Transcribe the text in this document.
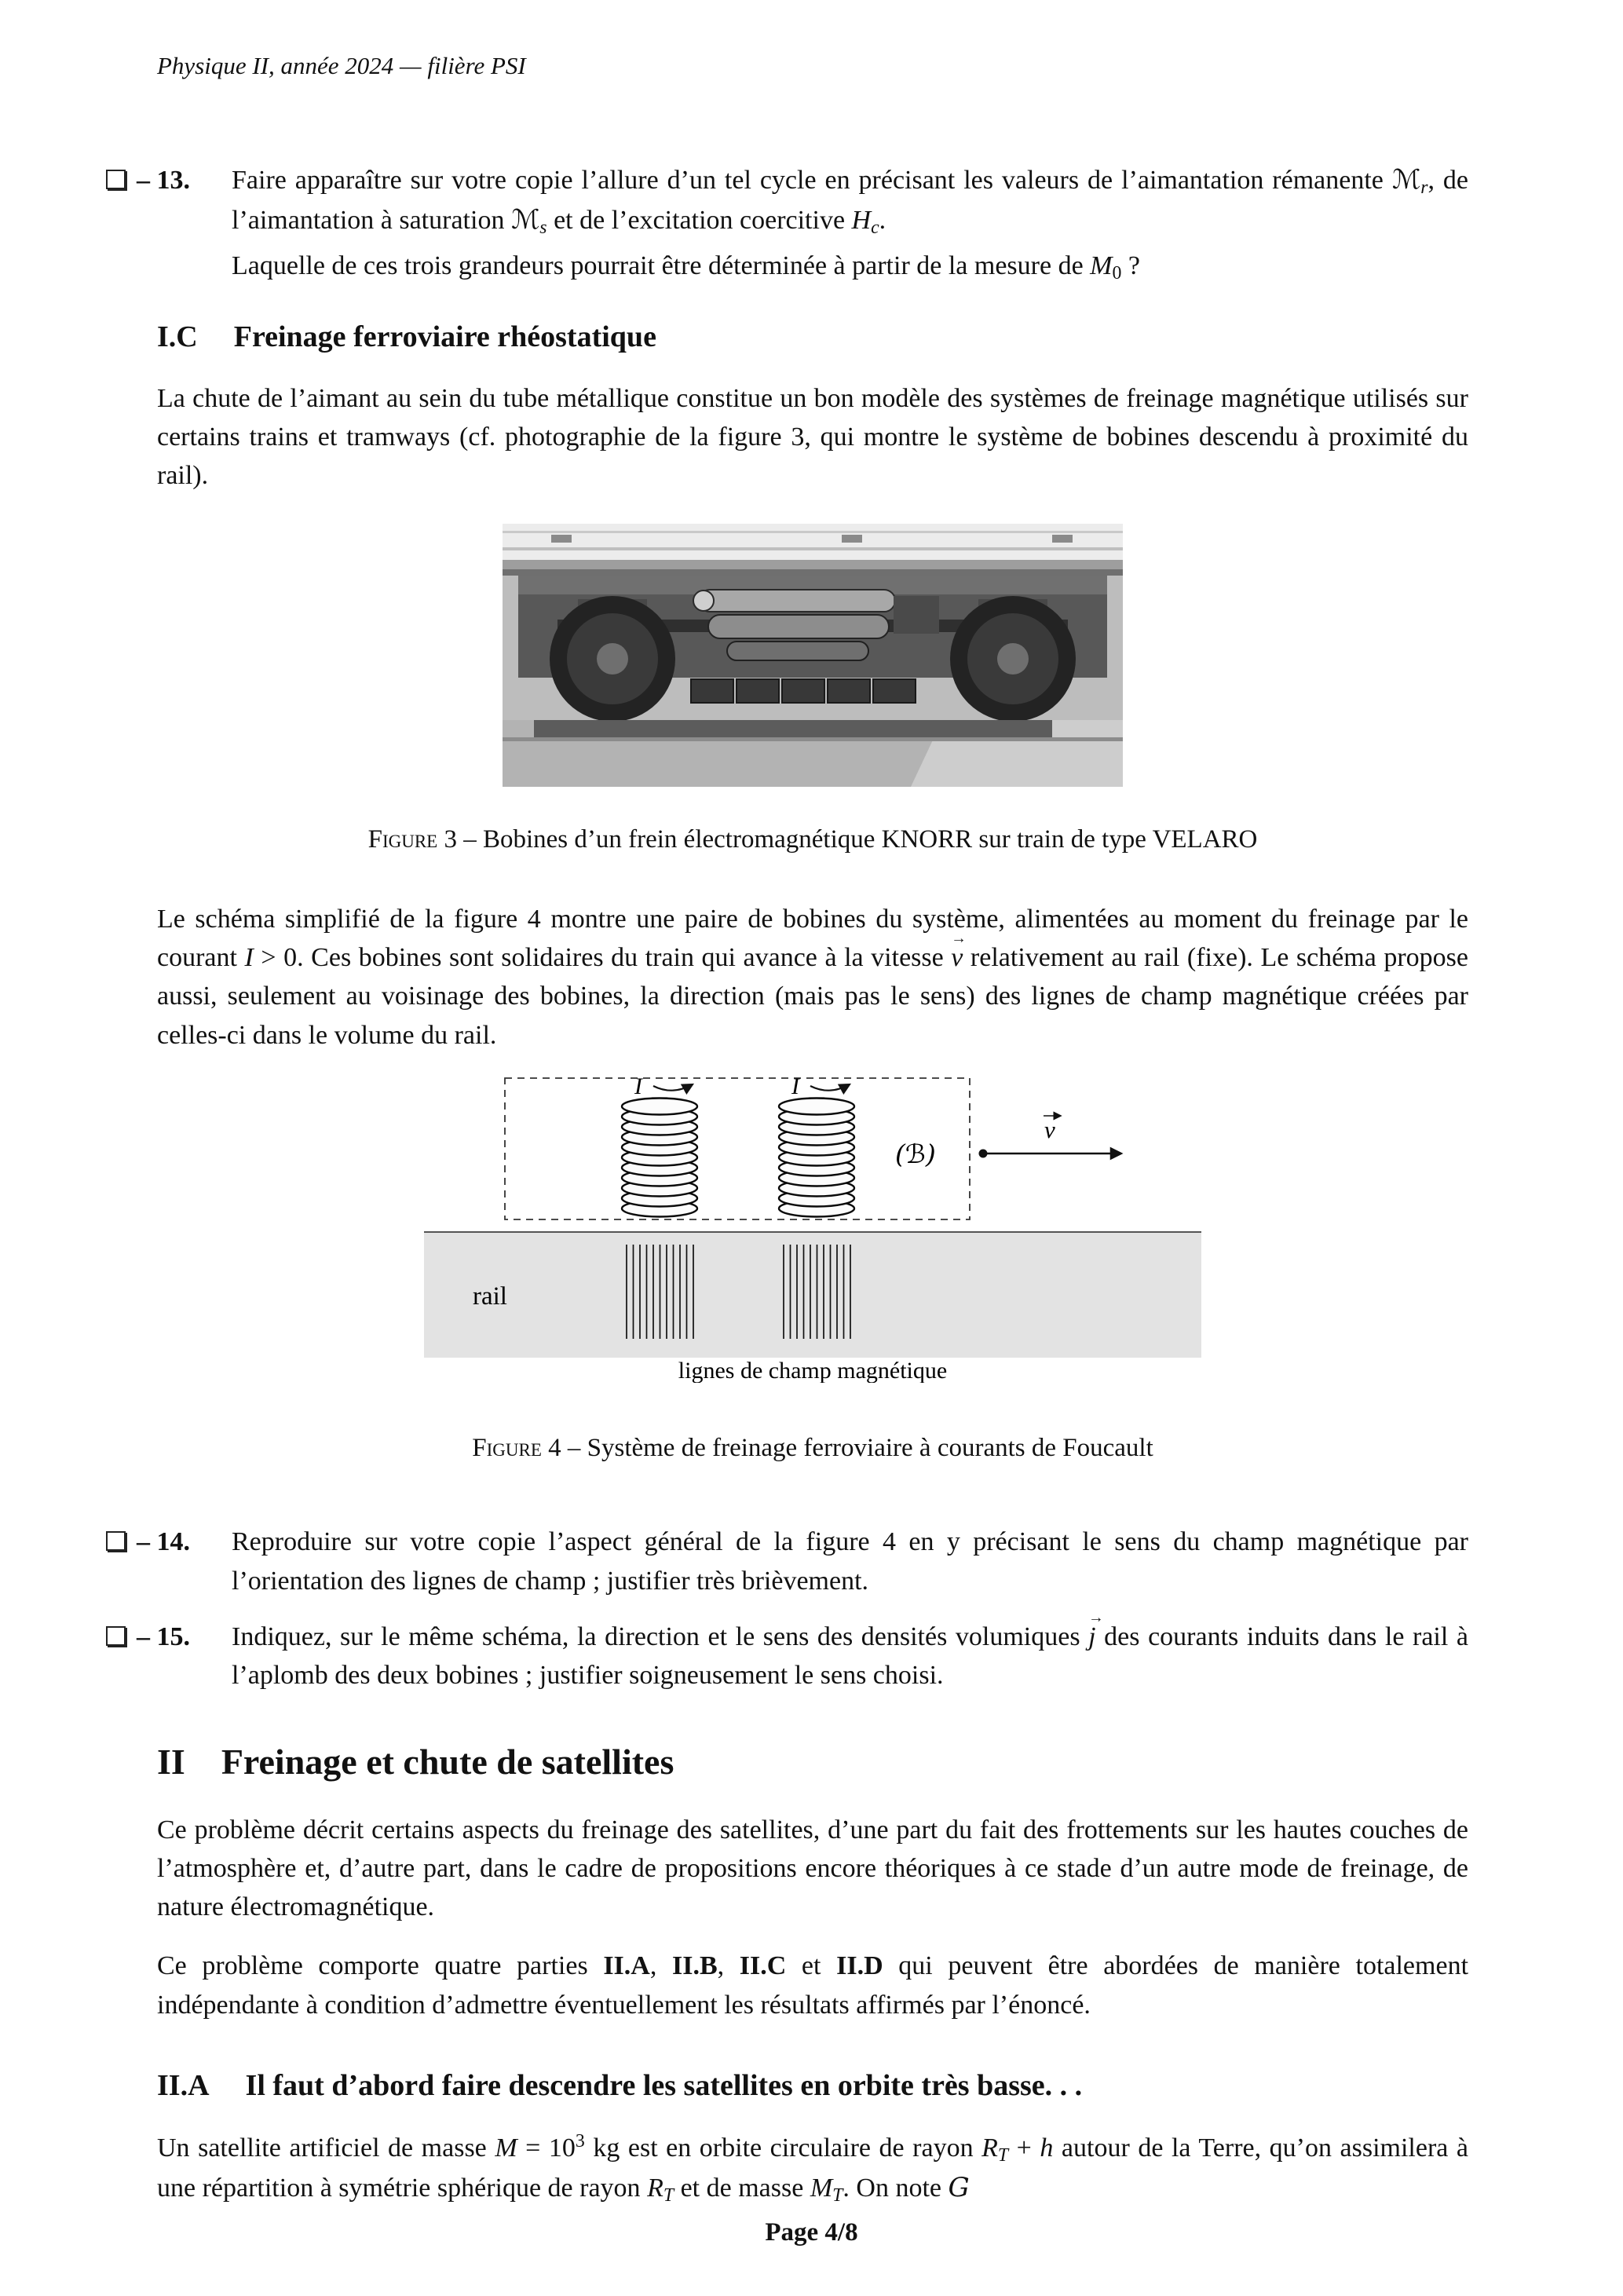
Physique II, année 2024 — filière PSI
– 13.	Faire apparaître sur votre copie l’allure d’un tel cycle en précisant les valeurs de l’aimantation rémanente ℳr, de l’aimantation à saturation ℳs et de l’excitation coercitive Hc.
Laquelle de ces trois grandeurs pourrait être déterminée à partir de la mesure de M0 ?
I.C Freinage ferroviaire rhéostatique

La chute de l’aimant au sein du tube métallique constitue un bon modèle des systèmes de freinage magnétique utilisés sur certains trains et tramways (cf. photographie de la figure 3, qui montre le système de bobines descendu à proximité du rail).

Figure 3 – Bobines d’un frein électromagnétique KNORR sur train de type VELARO

Le schéma simplifié de la figure 4 montre une paire de bobines du système, alimentées au moment du freinage par le courant I > 0. Ces bobines sont solidaires du train qui avance à la vitesse v → relativement au rail (fixe). Le schéma propose aussi, seulement au voisinage des bobines, la direction (mais pas le sens) des lignes de champ magnétique créées par celles-ci dans le volume du rail.

I	I
(ℬ)
v
rail
lignes de champ magnétique

Figure 4 – Système de freinage ferroviaire à courants de Foucault

– 14.	Reproduire sur votre copie l’aspect général de la figure 4 en y précisant le sens du champ magnétique par l’orientation des lignes de champ ; justifier très brièvement.
– 15.	Indiquez, sur le même schéma, la direction et le sens des densités volumiques j → des courants induits dans le rail à l’aplomb des deux bobines ; justifier soigneusement le sens choisi.
II Freinage et chute de satellites

Ce problème décrit certains aspects du freinage des satellites, d’une part du fait des frottements sur les hautes couches de l’atmosphère et, d’autre part, dans le cadre de propositions encore théoriques à ce stade d’un autre mode de freinage, de nature électromagnétique.

Ce problème comporte quatre parties II.A, II.B, II.C et II.D qui peuvent être abordées de manière totalement indépendante à condition d’admettre éventuellement les résultats affirmés par l’énoncé.

II.A Il faut d’abord faire descendre les satellites en orbite très basse. . .

Un satellite artificiel de masse $M = 10^3$ kg est en orbite circulaire de rayon RT + h autour de la Terre, qu’on assimilera à une répartition à symétrie sphérique de rayon RT et de masse MT. On note G

Page 4/8
